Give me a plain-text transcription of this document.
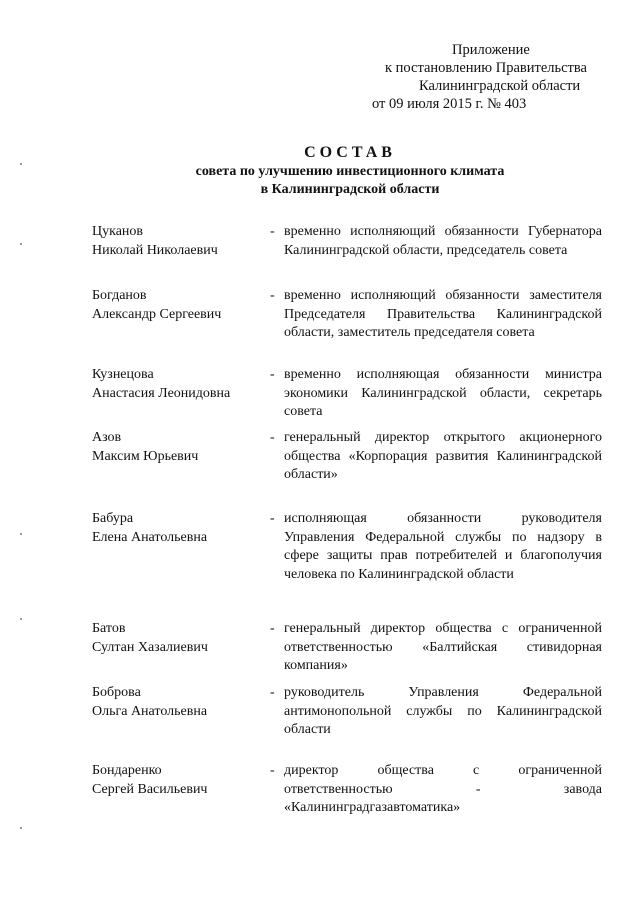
Приложение
к постановлению Правительства
Калининградской области
от 09 июля 2015 г. № 403
СОСТАВ
совета по улучшению инвестиционного климата
в Калининградской области
Цуканов
Николай Николаевич
- временно исполняющий обязанности Губернатора Калининградской области, председатель совета
Богданов
Александр Сергеевич
- временно исполняющий обязанности заместителя Председателя Правительства Калининградской области, заместитель председателя совета
Кузнецова
Анастасия Леонидовна
- временно исполняющая обязанности министра экономики Калининградской области, секретарь совета
Азов
Максим Юрьевич
- генеральный директор открытого акционерного общества «Корпорация развития Калининградской области»
Бабура
Елена Анатольевна
- исполняющая обязанности руководителя Управления Федеральной службы по надзору в сфере защиты прав потребителей и благополучия человека по Калининградской области
Батов
Султан Хазалиевич
- генеральный директор общества с ограниченной ответственностью «Балтийская стивидорная компания»
Боброва
Ольга Анатольевна
- руководитель Управления Федеральной антимонопольной службы по Калининградской области
Бондаренко
Сергей Васильевич
- директор общества с ограниченной ответственностью - завода «Калининградгазавтоматика»
